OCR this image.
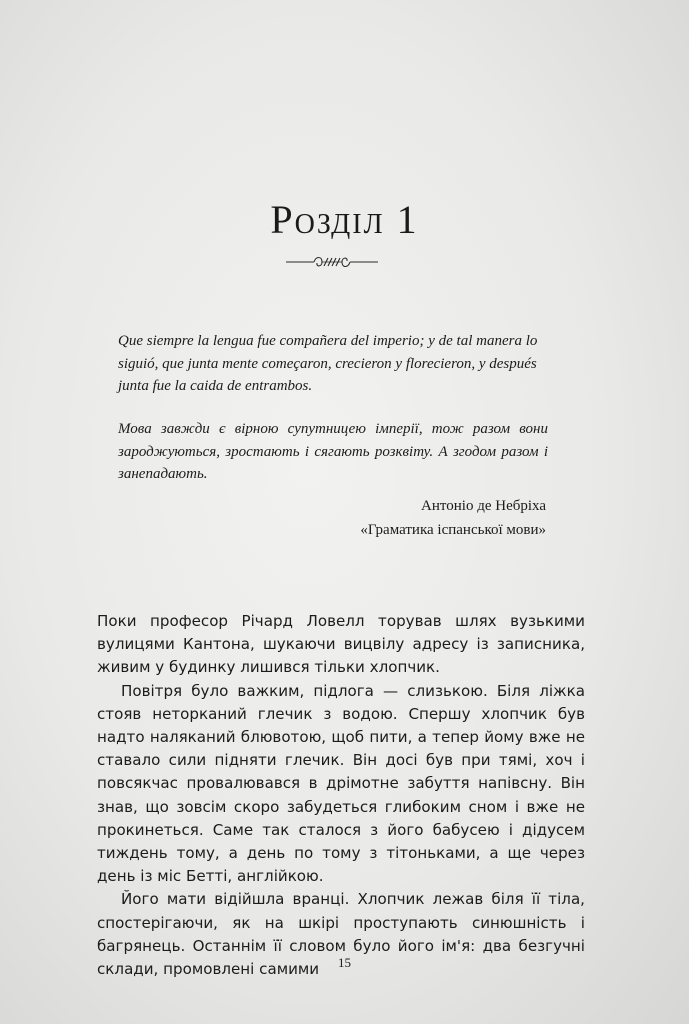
Розділ 1

Que siempre la lengua fue compañera del imperio; y de tal manera lo siguió, que junta mente começaron, crecieron y florecieron, y después junta fue la caida de entrambos.

Мова завжди є вірною супутницею імперії, тож разом вони зароджуються, зростають і сягають розквіту. А згодом разом і занепадають.

Антоніо де Небріха

«Граматика іспанської мови»

Поки професор Річард Ловелл торував шлях вузькими вулицями Кантона, шукаючи вицвілу адресу із записника, живим у будинку лишився тільки хлопчик.

Повітря було важким, підлога — слизькою. Біля ліжка стояв неторканий глечик з водою. Спершу хлопчик був надто наляканий блювотою, щоб пити, а тепер йому вже не ставало сили підняти глечик. Він досі був при тямі, хоч і повсякчас провалювався в дрімотне забуття напівсну. Він знав, що зовсім скоро забудеться глибоким сном і вже не прокинеться. Саме так сталося з його бабусею і дідусем тиждень тому, а день по тому з тітоньками, а ще через день із міс Бетті, англійкою.

Його мати відійшла вранці. Хлопчик лежав біля її тіла, спостерігаючи, як на шкірі проступають синюшність і багрянець. Останнім її словом було його ім'я: два безгучні склади, промовлені самими	15
